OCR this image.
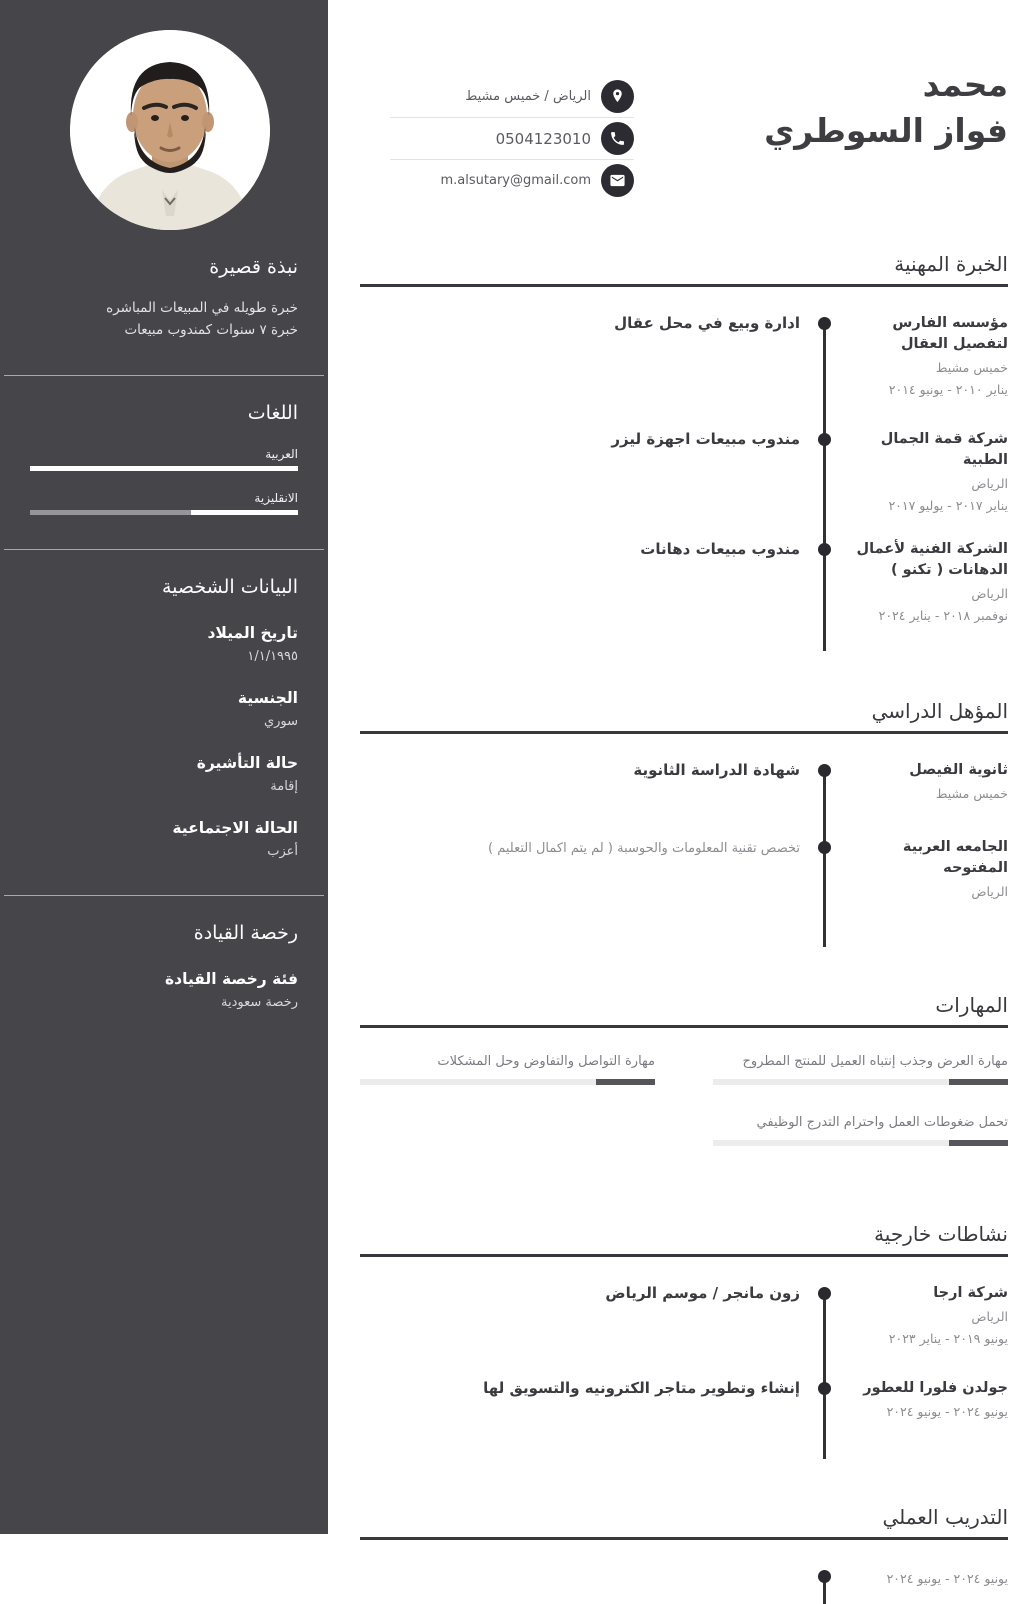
نبذة قصيرة
خبرة طويله في المبيعات المباشره
خبرة ٧ سنوات كمندوب مبيعات
اللغات
العربية
الانقليزية
البيانات الشخصية
تاريخ الميلاد
١/١/١٩٩٥
الجنسية
سوري
حالة التأشيرة
إقامة
الحالة الاجتماعية
أعزب
رخصة القيادة
فئة رخصة القيادة
رخصة سعودية
محمد
فواز السوطري
الرياض / خميس مشيط
0504123010
m.alsutary@gmail.com
الخبرة المهنية
مؤسسه الفارس لتفصيل العقال
خميس مشيط
يناير ٢٠١٠ - يونيو ٢٠١٤
ادارة وبيع في محل عقال
شركة قمة الجمال الطبية
الرياض
يناير ٢٠١٧ - يوليو ٢٠١٧
مندوب مبيعات اجهزة ليزر
الشركة الفنية لأعمال الدهانات ( تكنو )
الرياض
نوفمبر ٢٠١٨ - يناير ٢٠٢٤
مندوب مبيعات دهانات
المؤهل الدراسي
ثانوية الفيصل
خميس مشيط
شهادة الدراسة الثانوية
الجامعه العربية المفتوحه
الرياض
تخصص تقنية المعلومات والحوسبة ( لم يتم اكمال التعليم )
المهارات
مهارة العرض وجذب إنتباه العميل للمنتج المطروح
مهارة التواصل والتفاوض وحل المشكلات
تحمل ضغوطات العمل واحترام التدرج الوظيفي
نشاطات خارجية
شركة ارجا
الرياض
يونيو ٢٠١٩ - يناير ٢٠٢٣
زون مانجر / موسم الرياض
جولدن فلورا للعطور
يونيو ٢٠٢٤ - يونيو ٢٠٢٤
إنشاء وتطوير متاجر الكترونيه والتسويق لها
التدريب العملي
يونيو ٢٠٢٤ - يونيو ٢٠٢٤
